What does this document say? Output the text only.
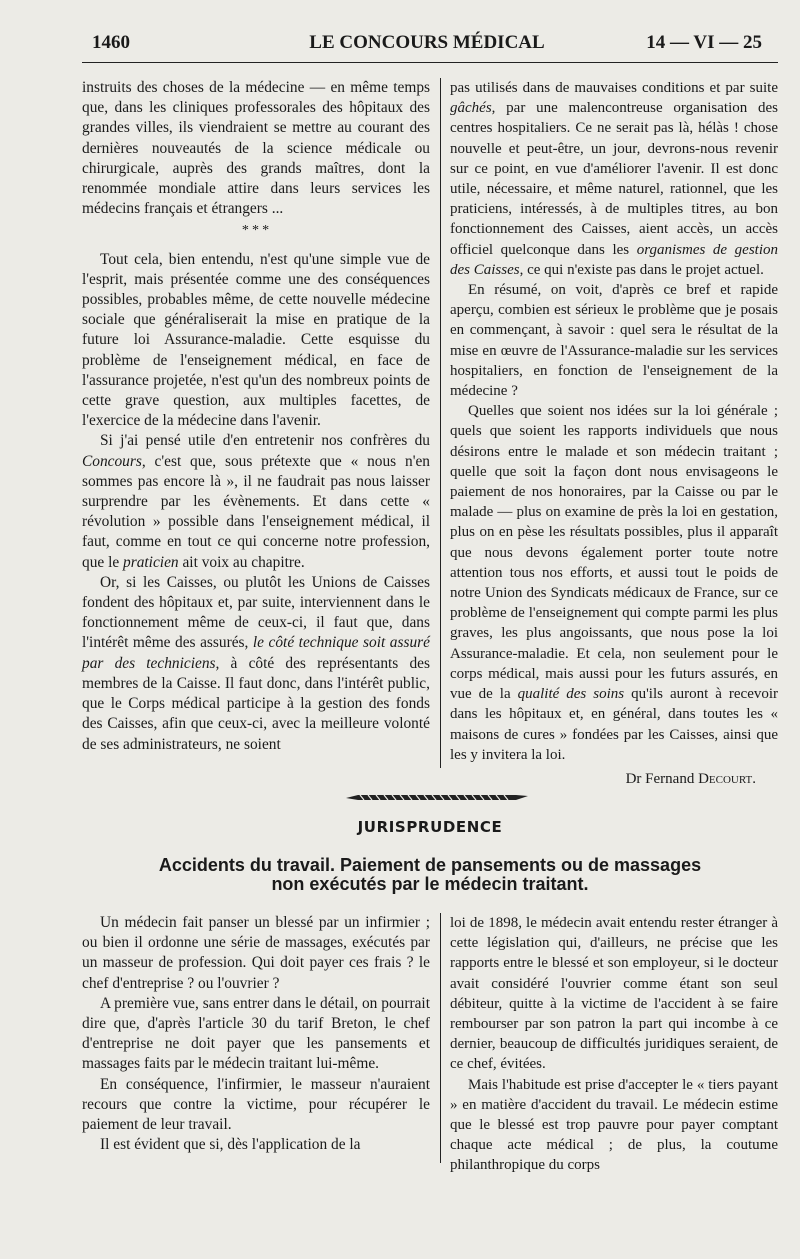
1460	LE CONCOURS MÉDICAL	14 — VI — 25

instruits des choses de la médecine — en même temps que, dans les cliniques professorales des hôpitaux des grandes villes, ils viendraient se mettre au courant des dernières nouveautés de la science médicale ou chirurgicale, auprès des grands maîtres, dont la renommée mondiale attire dans leurs services les médecins français et étrangers ...

* * *

Tout cela, bien entendu, n'est qu'une simple vue de l'esprit, mais présentée comme une des conséquences possibles, probables même, de cette nouvelle médecine sociale que généraliserait la mise en pratique de la future loi Assurance-maladie. Cette esquisse du problème de l'enseignement médical, en face de l'assurance projetée, n'est qu'un des nombreux points de cette grave question, aux multiples facettes, de l'exercice de la médecine dans l'avenir.

Si j'ai pensé utile d'en entretenir nos confrères du Concours, c'est que, sous prétexte que « nous n'en sommes pas encore là », il ne faudrait pas nous laisser surprendre par les évènements. Et dans cette « révolution » possible dans l'enseignement médical, il faut, comme en tout ce qui concerne notre profession, que le praticien ait voix au chapitre.

Or, si les Caisses, ou plutôt les Unions de Caisses fondent des hôpitaux et, par suite, interviennent dans le fonctionnement même de ceux-ci, il faut que, dans l'intérêt même des assurés, le côté technique soit assuré par des techniciens, à côté des représentants des membres de la Caisse. Il faut donc, dans l'intérêt public, que le Corps médical participe à la gestion des fonds des Caisses, afin que ceux-ci, avec la meilleure volonté de ses administrateurs, ne soient

pas utilisés dans de mauvaises conditions et par suite gâchés, par une malencontreuse organisation des centres hospitaliers. Ce ne serait pas là, hélàs ! chose nouvelle et peut-être, un jour, devrons-nous revenir sur ce point, en vue d'améliorer l'avenir. Il est donc utile, nécessaire, et même naturel, rationnel, que les praticiens, intéressés, à de multiples titres, au bon fonctionnement des Caisses, aient accès, un accès officiel quelconque dans les organismes de gestion des Caisses, ce qui n'existe pas dans le projet actuel.

En résumé, on voit, d'après ce bref et rapide aperçu, combien est sérieux le problème que je posais en commençant, à savoir : quel sera le résultat de la mise en œuvre de l'Assurance-maladie sur les services hospitaliers, en fonction de l'enseignement de la médecine ?

Quelles que soient nos idées sur la loi générale ; quels que soient les rapports individuels que nous désirons entre le malade et son médecin traitant ; quelle que soit la façon dont nous envisageons le paiement de nos honoraires, par la Caisse ou par le malade — plus on examine de près la loi en gestation, plus on en pèse les résultats possibles, plus il apparaît que nous devons également porter toute notre attention tous nos efforts, et aussi tout le poids de notre Union des Syndicats médicaux de France, sur ce problème de l'enseignement qui compte parmi les plus graves, les plus angoissants, que nous pose la loi Assurance-maladie. Et cela, non seulement pour le corps médical, mais aussi pour les futurs assurés, en vue de la qualité des soins qu'ils auront à recevoir dans les hôpitaux et, en général, dans toutes les « maisons de cures » fondées par les Caisses, ainsi que les y invitera la loi.

Dr Fernand Decourt.
JURISPRUDENCE
Accidents du travail. Paiement de pansements ou de massages
non exécutés par le médecin traitant.

Un médecin fait panser un blessé par un infirmier ; ou bien il ordonne une série de massages, exécutés par un masseur de profession. Qui doit payer ces frais ? le chef d'entreprise ? ou l'ouvrier ?

A première vue, sans entrer dans le détail, on pourrait dire que, d'après l'article 30 du tarif Breton, le chef d'entreprise ne doit payer que les pansements et massages faits par le médecin traitant lui-même.

En conséquence, l'infirmier, le masseur n'auraient recours que contre la victime, pour récupérer le paiement de leur travail.

Il est évident que si, dès l'application de la

loi de 1898, le médecin avait entendu rester étranger à cette législation qui, d'ailleurs, ne précise que les rapports entre le blessé et son employeur, si le docteur avait considéré l'ouvrier comme étant son seul débiteur, quitte à la victime de l'accident à se faire rembourser par son patron la part qui incombe à ce dernier, beaucoup de difficultés juridiques seraient, de ce chef, évitées.

Mais l'habitude est prise d'accepter le « tiers payant » en matière d'accident du travail. Le médecin estime que le blessé est trop pauvre pour payer comptant chaque acte médical ; de plus, la coutume philanthropique du corps
